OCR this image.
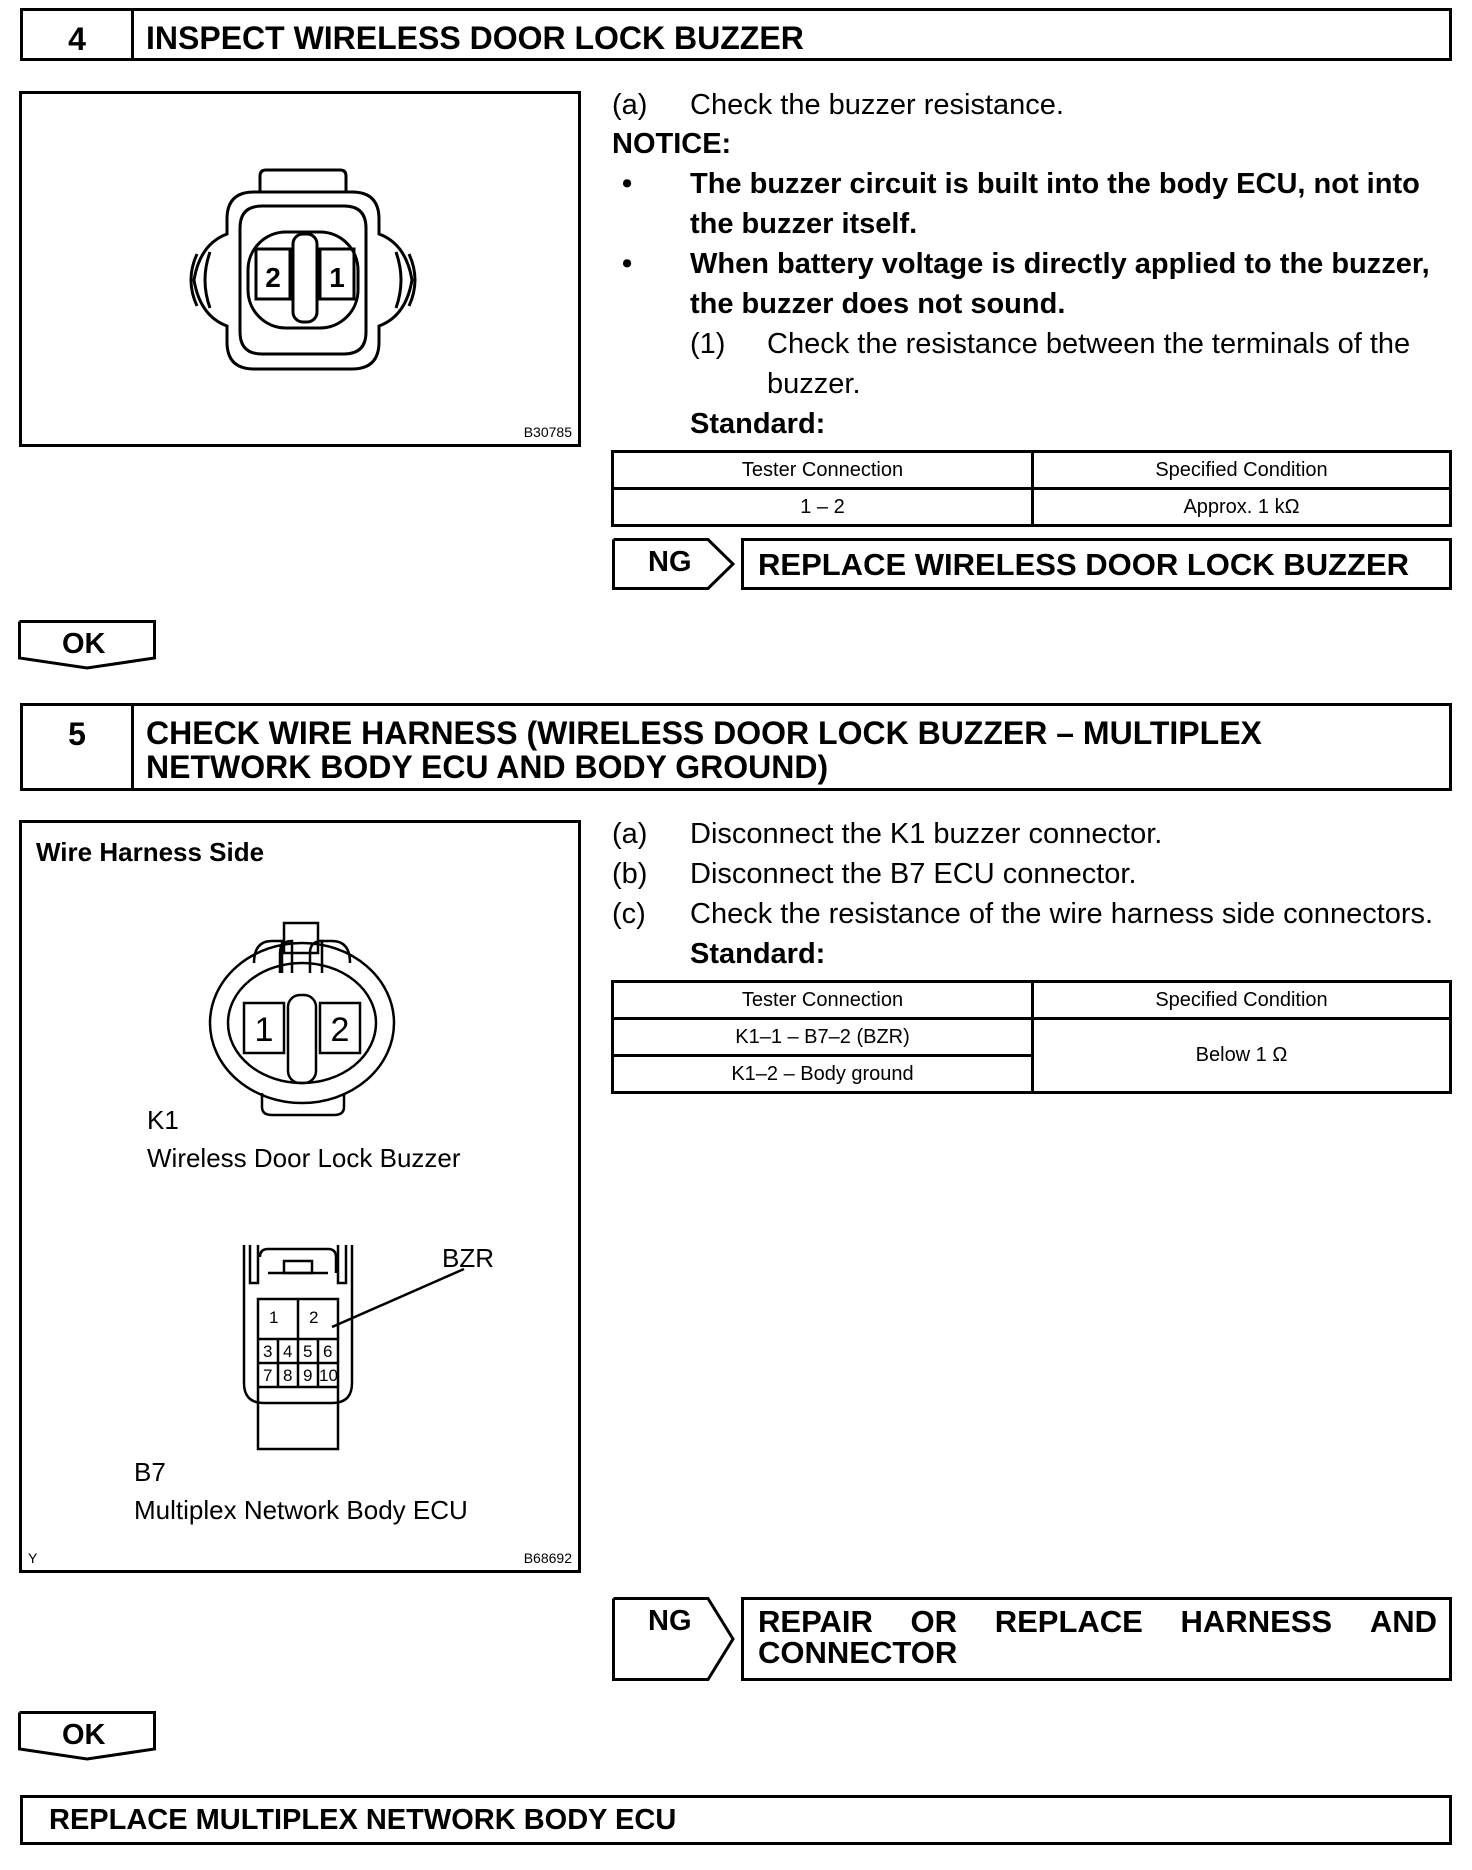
4	INSPECT WIRELESS DOOR LOCK BUZZER
2 1
B30785
(a) Check the buzzer resistance.
NOTICE:
• The buzzer circuit is built into the body ECU, not into
the buzzer itself.
• When battery voltage is directly applied to the buzzer,
the buzzer does not sound.
(1) Check the resistance between the terminals of the
buzzer.
Standard:
Tester Connection	Specified Condition
1 – 2	Approx. 1 kΩ
NG	REPLACE WIRELESS DOOR LOCK BUZZER
OK
5	CHECK WIRE HARNESS (WIRELESS DOOR LOCK BUZZER – MULTIPLEX
NETWORK BODY ECU AND BODY GROUND)
Wire Harness Side
1 2
K1
Wireless Door Lock Buzzer
BZR
1 2
3 4 5 6
7 8 9 10
B7
Multiplex Network Body ECU
Y	B68692
(a) Disconnect the K1 buzzer connector.
(b) Disconnect the B7 ECU connector.
(c) Check the resistance of the wire harness side connectors.
Standard:
Tester Connection	Specified Condition
K1–1 – B7–2 (BZR)	Below 1 Ω
K1–2 – Body ground	
NG REPAIR OR REPLACE HARNESS AND
CONNECTOR
OK
REPLACE MULTIPLEX NETWORK BODY ECU
